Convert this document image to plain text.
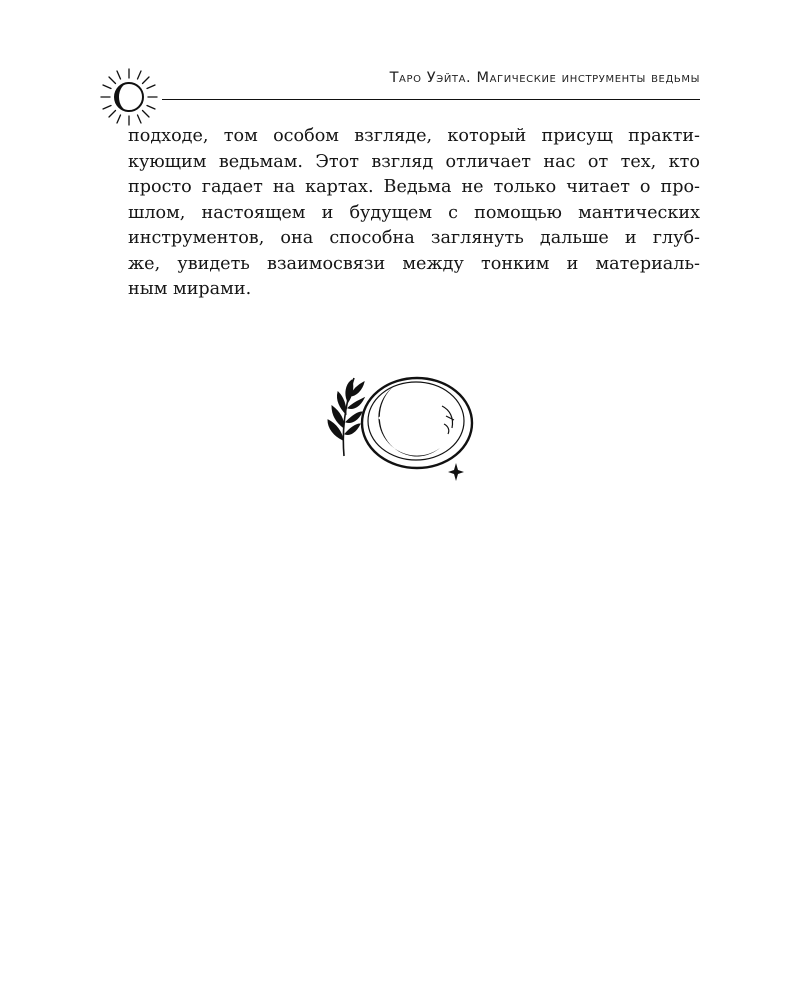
Таро Уэйта. Магические инструменты ведьмы
подходе, том особом взгляде, который присущ практи-
кующим ведьмам. Этот взгляд отличает нас от тех, кто
просто гадает на картах. Ведьма не только читает о про-
шлом, настоящем и будущем с помощью мантических
инструментов, она способна заглянуть дальше и глуб-
же, увидеть взаимосвязи между тонким и материаль-
ным мирами.
